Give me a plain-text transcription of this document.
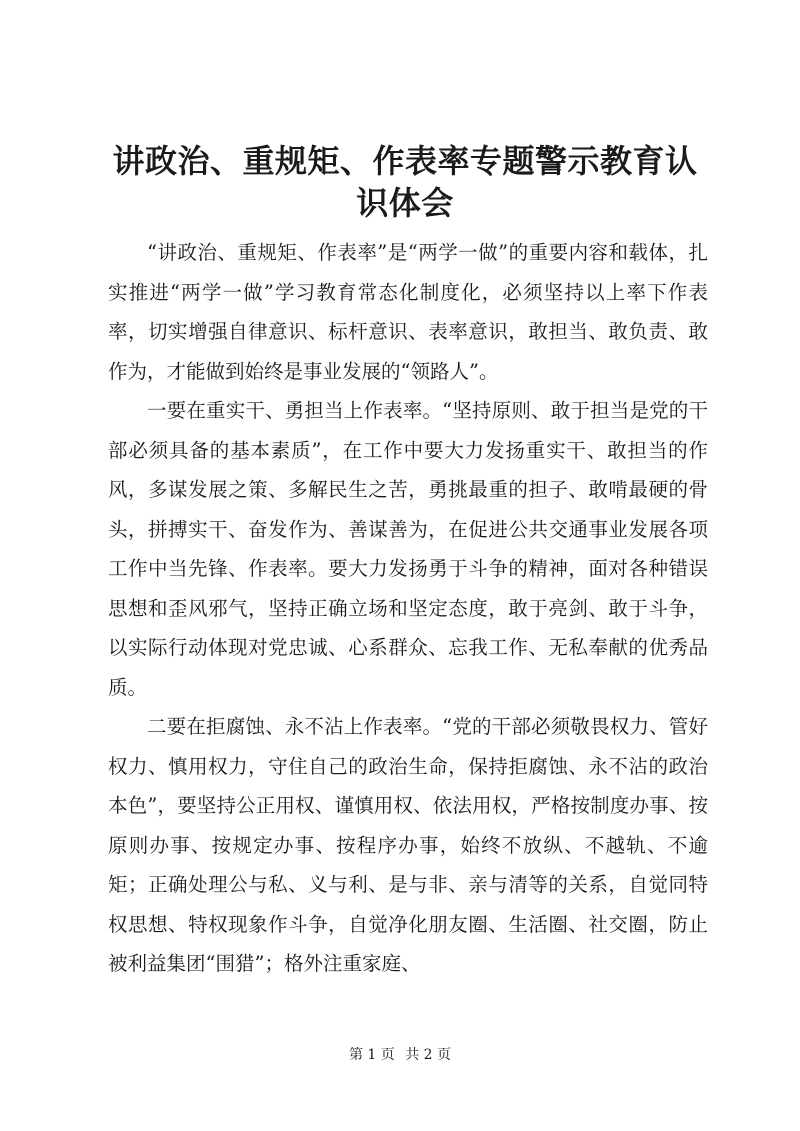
讲政治、重规矩、作表率专题警示教育认识体会

“讲政治、重规矩、作表率”是“两学一做”的重要内容和载体，扎实推进“两学一做”学习教育常态化制度化，必须坚持以上率下作表率，切实增强自律意识、标杆意识、表率意识，敢担当、敢负责、敢作为，才能做到始终是事业发展的“领路人”。

一要在重实干、勇担当上作表率。“坚持原则、敢于担当是党的干部必须具备的基本素质”，在工作中要大力发扬重实干、敢担当的作风，多谋发展之策、多解民生之苦，勇挑最重的担子、敢啃最硬的骨头，拼搏实干、奋发作为、善谋善为，在促进公共交通事业发展各项工作中当先锋、作表率。要大力发扬勇于斗争的精神，面对各种错误思想和歪风邪气，坚持正确立场和坚定态度，敢于亮剑、敢于斗争，以实际行动体现对党忠诚、心系群众、忘我工作、无私奉献的优秀品质。

二要在拒腐蚀、永不沾上作表率。“党的干部必须敬畏权力、管好权力、慎用权力，守住自己的政治生命，保持拒腐蚀、永不沾的政治本色”，要坚持公正用权、谨慎用权、依法用权，严格按制度办事、按原则办事、按规定办事、按程序办事，始终不放纵、不越轨、不逾矩；正确处理公与私、义与利、是与非、亲与清等的关系，自觉同特权思想、特权现象作斗争，自觉净化朋友圈、生活圈、社交圈，防止被利益集团“围猎”；格外注重家庭、

第 1 页 共 2 页
